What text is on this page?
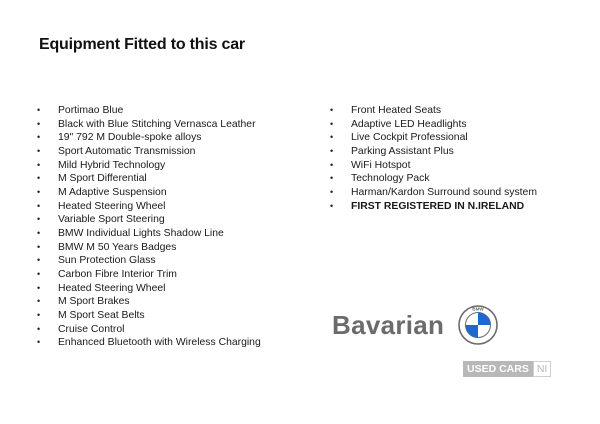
Equipment Fitted to this car
• Portimao Blue
• Black with Blue Stitching Vernasca Leather
• 19" 792 M Double-spoke alloys
• Sport Automatic Transmission
• Mild Hybrid Technology
• M Sport Differential
• M Adaptive Suspension
• Heated Steering Wheel
• Variable Sport Steering
• BMW Individual Lights Shadow Line
• BMW M 50 Years Badges
• Sun Protection Glass
• Carbon Fibre Interior Trim
• Heated Steering Wheel
• M Sport Brakes
• M Sport Seat Belts
• Cruise Control
• Enhanced Bluetooth with Wireless Charging
• Front Heated Seats
• Adaptive LED Headlights
• Live Cockpit Professional
• Parking Assistant Plus
• WiFi Hotspot
• Technology Pack
• Harman/Kardon Surround sound system
• FIRST REGISTERED IN N.IRELAND
Bavarian
BMW
USED CARS NI
